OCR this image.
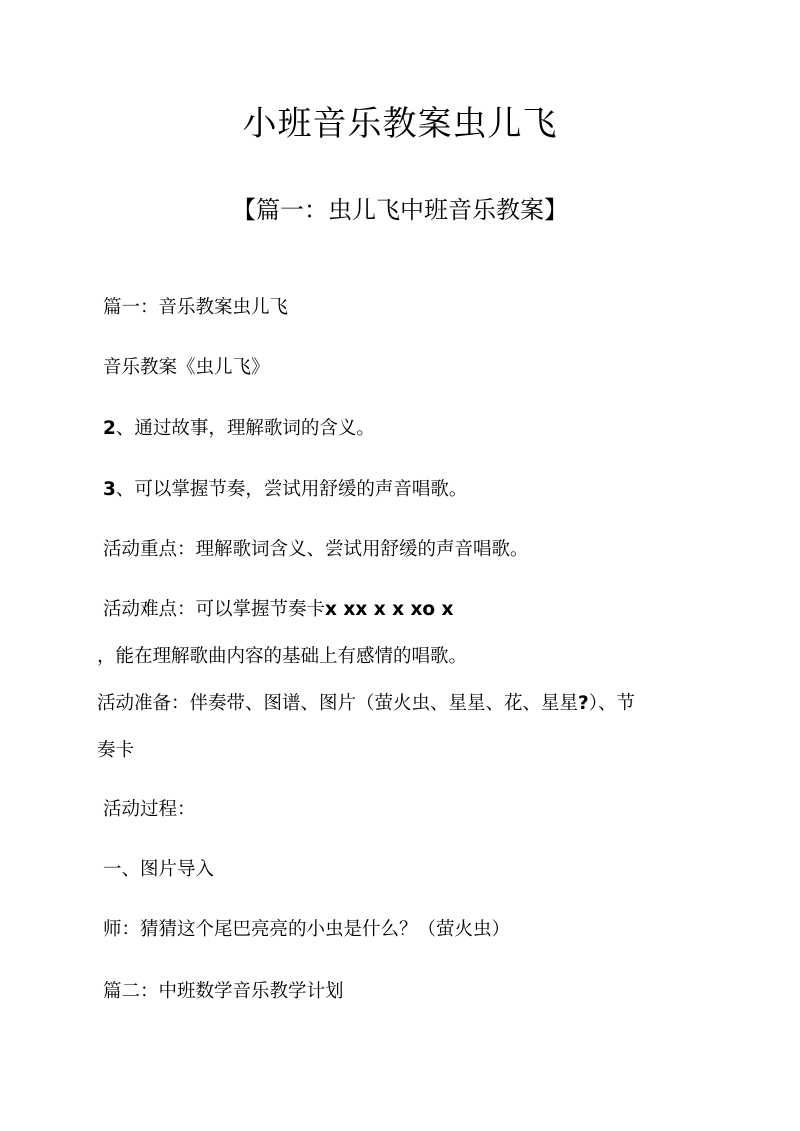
小班音乐教案虫儿飞
【篇一：虫儿飞中班音乐教案】
篇一：音乐教案虫儿飞
音乐教案《虫儿飞》
2、通过故事，理解歌词的含义。
3、可以掌握节奏，尝试用舒缓的声音唱歌。
活动重点：理解歌词含义、尝试用舒缓的声音唱歌。
活动难点：可以掌握节奏卡x xx x x xo x
，能在理解歌曲内容的基础上有感情的唱歌。
活动准备：伴奏带、图谱、图片（萤火虫、星星、花、星星?）、节
奏卡
活动过程：
一、图片导入
师：猜猜这个尾巴亮亮的小虫是什么？（萤火虫）
篇二：中班数学音乐教学计划
